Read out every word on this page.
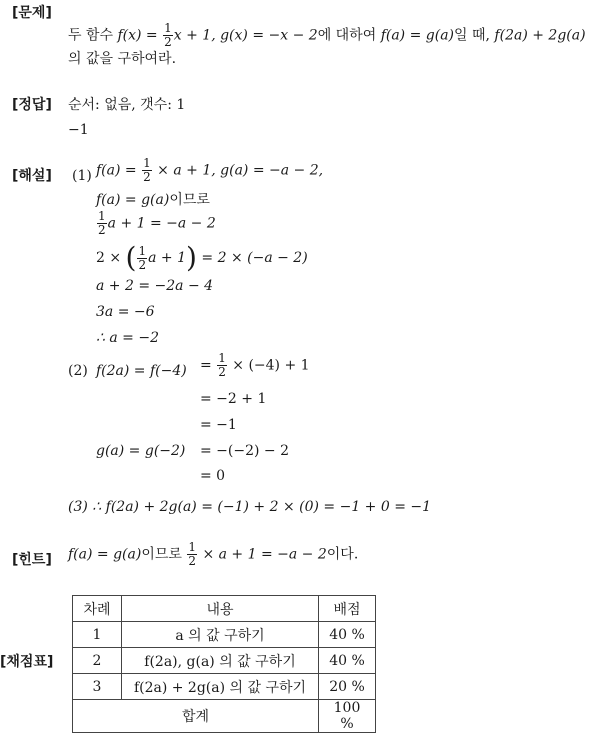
[문제]
[정답]
[해설]
[힌트]
[채점표]
두 함수 $f(x) = \frac{1}{2}$ x + 1, g(x) = −x − 2에 대하여 f(a) = g(a)일 때, f(2a) + 2g(a)
의 값을 구하여라.
순서: 없음, 갯수: 1
−1
(1) $f(a) = \frac{1}{2} \times a + 1$, g(a) = −a − 2,
f(a) = g(a)이므로
$\frac{1}{2}$ a + 1 = −a − 2
2 × ( $\frac{1}{2}$ a + 1) = 2 × (−a − 2)
a + 2 = −2a − 4
3a = −6
∴ a = −2
(2) $f(2a) = f(-4) = \frac{1}{2} \times (-4) + 1$
= −2 + 1
= −1
g(a) = g(−2) = −(−2) − 2
= 0
(3) ∴ f(2a) + 2g(a) = (−1) + 2 × (0) = −1 + 0 = −1
f(a) = g(a)이므로 $\frac{1}{2} \times a + 1 = -a - 2$이다.
차례	내용	배점
1	a 의 값 구하기	40 %
2	f(2a), g(a) 의 값 구하기	40 %
3	f(2a) + 2g(a) 의 값 구하기	20 %
합계		100 %
